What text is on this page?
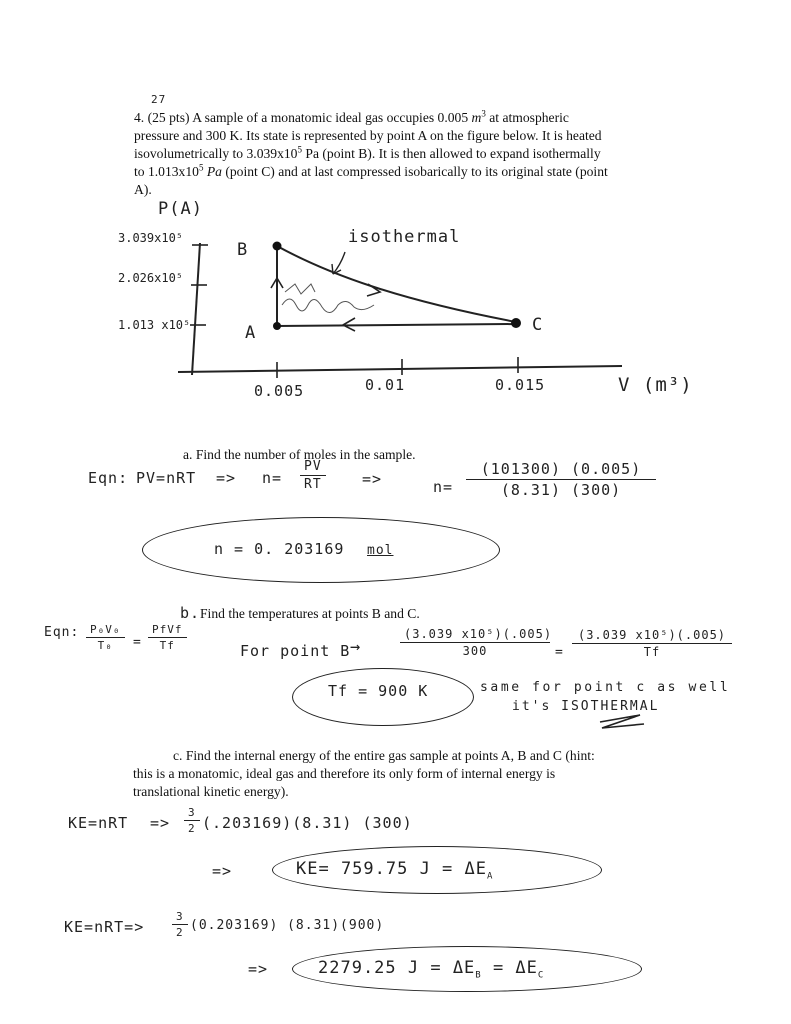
27
4. (25 pts) A sample of a monatomic ideal gas occupies 0.005 $m^3$ at atmospheric
pressure and 300 K. Its state is represented by point A on the figure below. It is heated
isovolumetrically to $3.039x10^5$ Pa (point B). It is then allowed to expand isothermally
to $1.013x10^5$ Pa (point C) and at last compressed isobarically to its original state (point
A).
P(A)
3.039x10⁵
2.026x10⁵
1.013 x10⁵
B
A	C
isothermal
0.005	0.01	0.015	V (m³)
a. Find the number of moles in the sample.
Eqn: $PV=nRT => n= \frac{PV}{RT}$ =>	$n= \frac{(101300) (0.005)}{(8.31) (300)}$
n = 0. 203169 mol
b. Find the temperatures at points B and C.
Eqn: $\frac{\text{P₀V₀}}{\text{T₀}}$ =
PfVf
Tf	For point B →	$\frac{\text{(3.039 x10⁵)(.005)}}{300} = \frac{\text{(3.039 x10⁵)(.005)}}{Tf}$
Tf = 900 K	same for point c as well
it's ISOTHERMAL
c. Find the internal energy of the entire gas sample at points A, B and C (hint:
this is a monatomic, ideal gas and therefore its only form of internal energy is
translational kinetic energy).
$KE=nRT => \frac{3}{2} (.203169)(8.31)$ (300)
=>	KE= 759.75 $J = \Delta E_A$
KE=nRT=>	$\frac{3}{2} (0.203169)$ (8.31)(900)
=>	2279.25 $J = \Delta E_B = \Delta E_C$
